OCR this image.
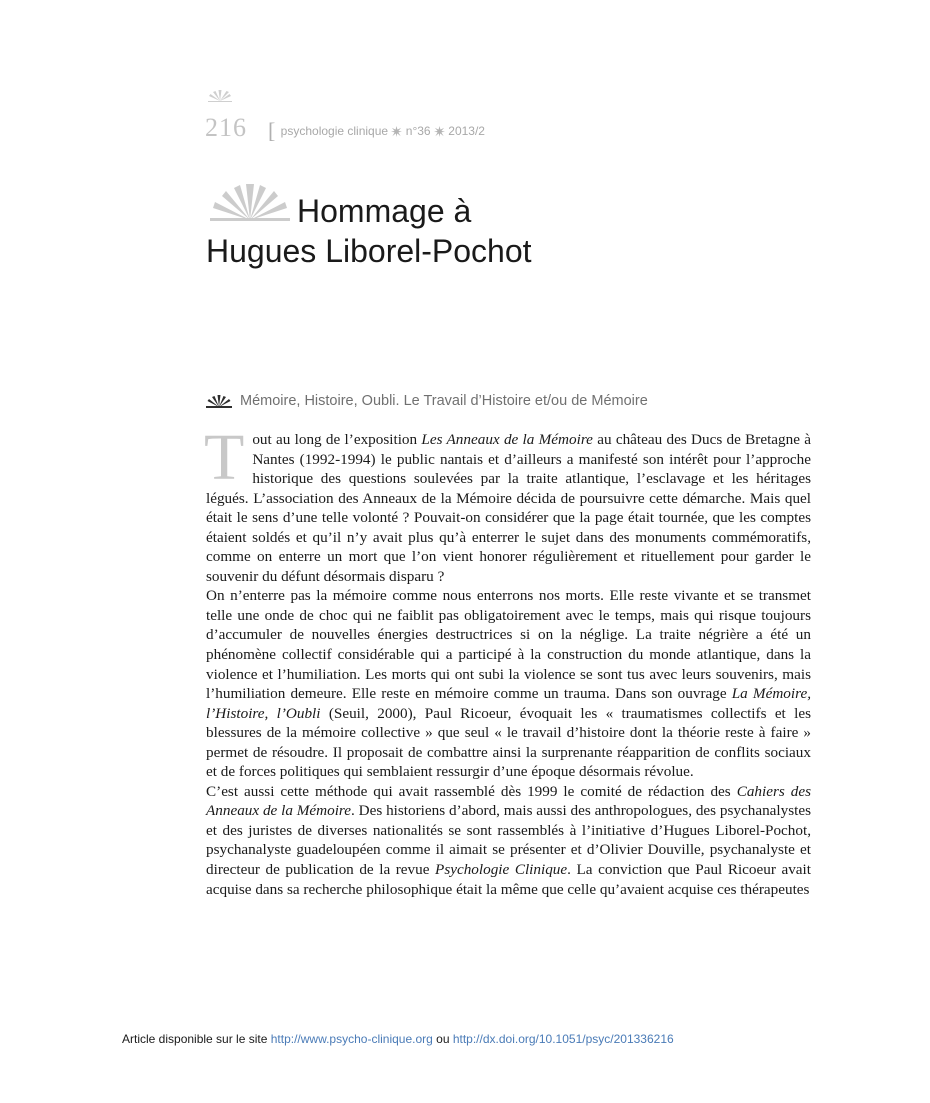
216 [ psychologie clinique n°36 2013/2
Hommage à
Hugues Liborel-Pochot
Mémoire, Histoire, Oubli. Le Travail d’Histoire et/ou de Mémoire

Tout au long de l’exposition Les Anneaux de la Mémoire au château des Ducs de Bretagne à Nantes (1992-1994) le public nantais et d’ailleurs a manifesté son intérêt pour l’approche historique des questions soulevées par la traite atlantique, l’esclavage et les héritages légués. L’association des Anneaux de la Mémoire décida de poursuivre cette démarche. Mais quel était le sens d’une telle volonté ? Pouvait-on considérer que la page était tournée, que les comptes étaient soldés et qu’il n’y avait plus qu’à enterrer le sujet dans des monuments commémoratifs, comme on enterre un mort que l’on vient honorer régulièrement et rituellement pour garder le souvenir du défunt désormais disparu ?

On n’enterre pas la mémoire comme nous enterrons nos morts. Elle reste vivante et se transmet telle une onde de choc qui ne faiblit pas obligatoirement avec le temps, mais qui risque toujours d’accumuler de nouvelles énergies destructrices si on la néglige. La traite négrière a été un phénomène collectif considérable qui a participé à la construction du monde atlantique, dans la violence et l’humiliation. Les morts qui ont subi la violence se sont tus avec leurs souvenirs, mais l’humiliation demeure. Elle reste en mémoire comme un trauma. Dans son ouvrage La Mémoire, l’Histoire, l’Oubli (Seuil, 2000), Paul Ricoeur, évoquait les « traumatismes collectifs et les blessures de la mémoire collective » que seul « le travail d’histoire dont la théorie reste à faire » permet de résoudre. Il proposait de combattre ainsi la surprenante réapparition de conflits sociaux et de forces politiques qui semblaient ressurgir d’une époque désormais révolue.

C’est aussi cette méthode qui avait rassemblé dès 1999 le comité de rédaction des Cahiers des Anneaux de la Mémoire. Des historiens d’abord, mais aussi des anthropologues, des psychanalystes et des juristes de diverses nationalités se sont rassemblés à l’initiative d’Hugues Liborel-Pochot, psychanalyste guadeloupéen comme il aimait se présenter et d’Olivier Douville, psychanalyste et directeur de publication de la revue Psychologie Clinique. La conviction que Paul Ricoeur avait acquise dans sa recherche philosophique était la même que celle qu’avaient acquise ces thérapeutes

Article disponible sur le site http://www.psycho-clinique.org ou http://dx.doi.org/10.1051/psyc/201336216
